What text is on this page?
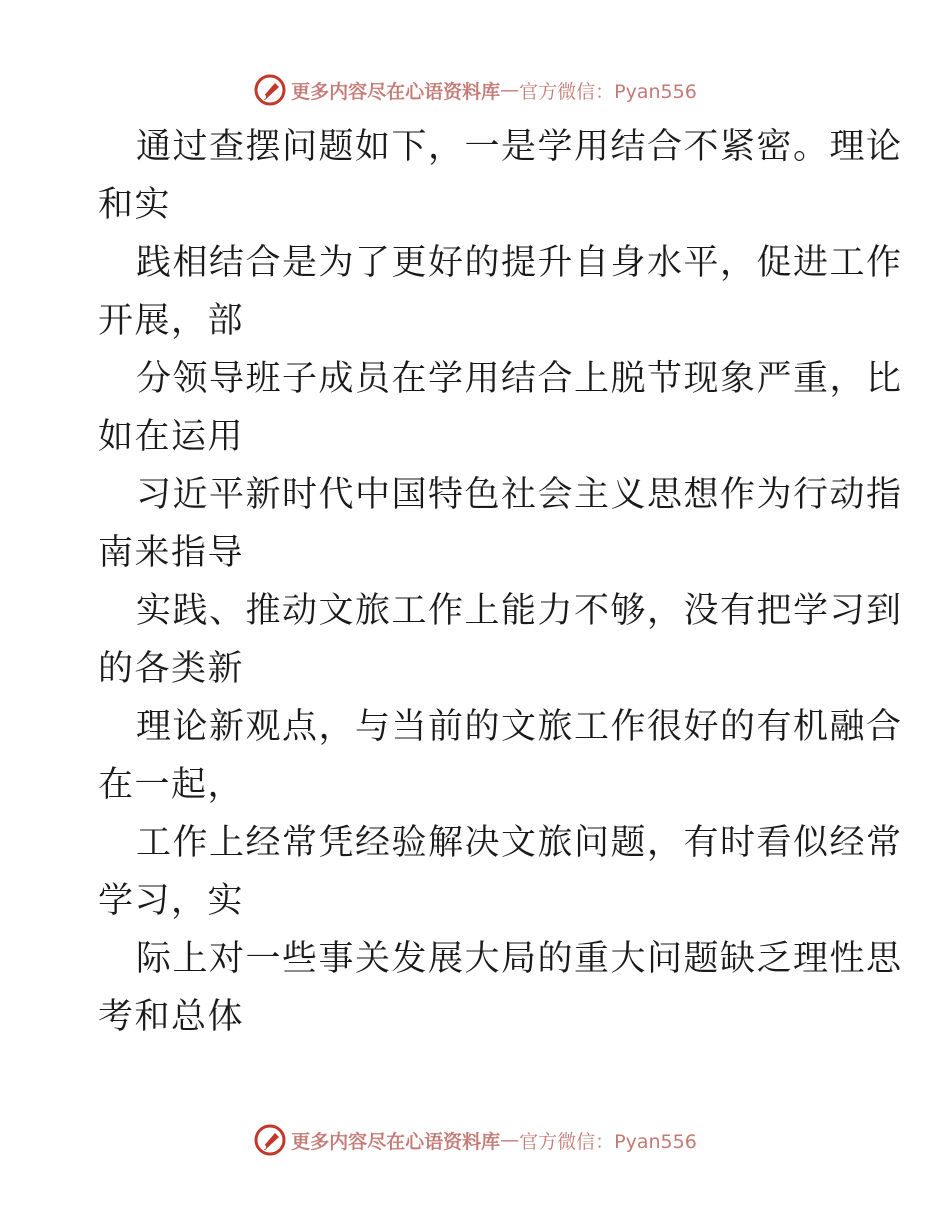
更多内容尽在心语资料库 — 官方微信：Pyan556
通过查摆问题如下，一是学用结合不紧密。理论
和实
践相结合是为了更好的提升自身水平，促进工作
开展，部
分领导班子成员在学用结合上脱节现象严重，比
如在运用
习近平新时代中国特色社会主义思想作为行动指
南来指导
实践、推动文旅工作上能力不够，没有把学习到
的各类新
理论新观点，与当前的文旅工作很好的有机融合
在一起，
工作上经常凭经验解决文旅问题，有时看似经常
学习，实
际上对一些事关发展大局的重大问题缺乏理性思
考和总体
更多内容尽在心语资料库 — 官方微信：Pyan556
